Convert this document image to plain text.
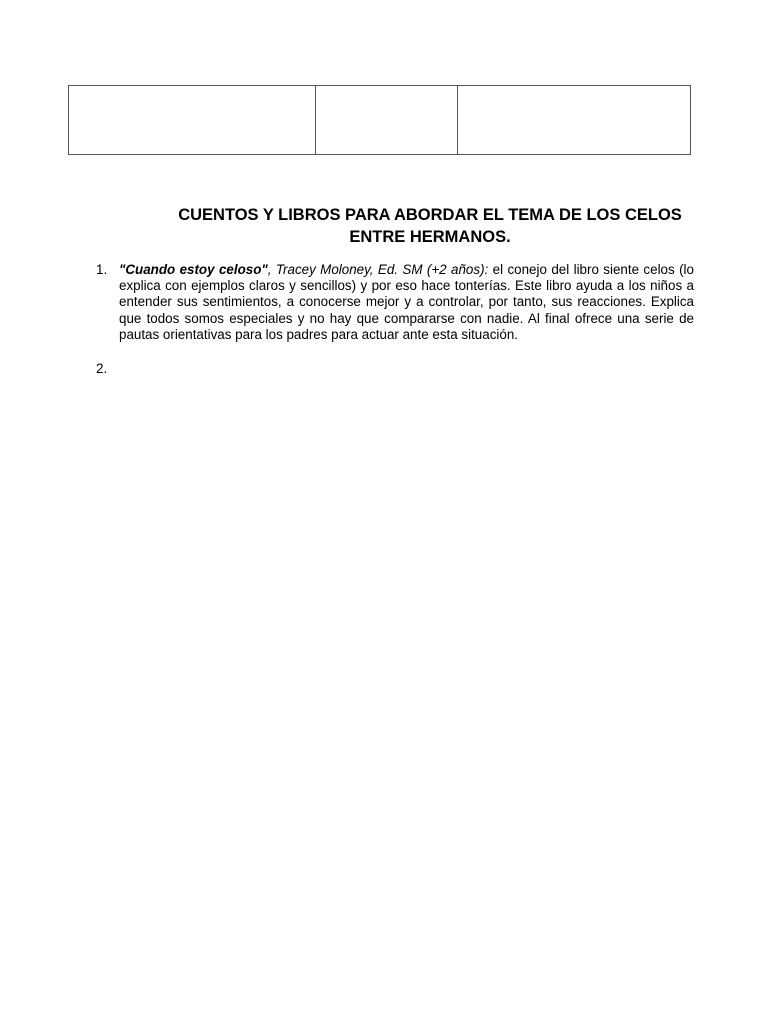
CUENTOS Y LIBROS PARA ABORDAR EL TEMA DE LOS CELOS ENTRE HERMANOS.
1. "Cuando estoy celoso", Tracey Moloney, Ed. SM (+2 años): el conejo del libro siente celos (lo explica con ejemplos claros y sencillos) y por eso hace tonterías. Este libro ayuda a los niños a entender sus sentimientos, a conocerse mejor y a controlar, por tanto, sus reacciones. Explica que todos somos especiales y no hay que compararse con nadie. Al final ofrece una serie de pautas orientativas para los padres para actuar ante esta situación.
2.
